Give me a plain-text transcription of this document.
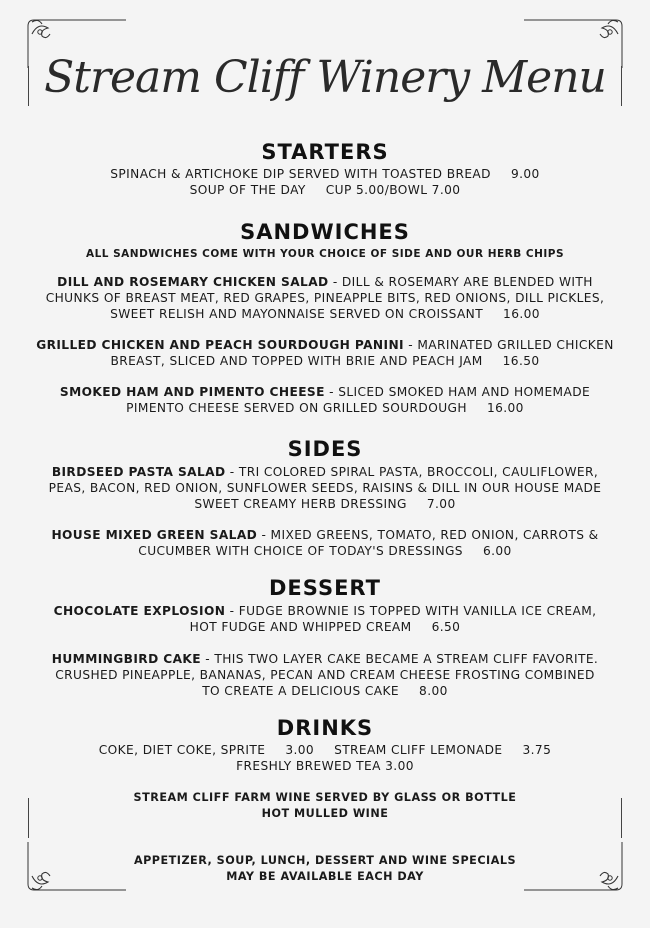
Stream Cliff Winery Menu
STARTERS
SPINACH & ARTICHOKE DIP SERVED WITH TOASTED BREAD 9.00
SOUP OF THE DAY CUP 5.00/BOWL 7.00
SANDWICHES
ALL SANDWICHES COME WITH YOUR CHOICE OF SIDE AND OUR HERB CHIPS
DILL AND ROSEMARY CHICKEN SALAD - DILL & ROSEMARY ARE BLENDED WITH
CHUNKS OF BREAST MEAT, RED GRAPES, PINEAPPLE BITS, RED ONIONS, DILL PICKLES,
SWEET RELISH AND MAYONNAISE SERVED ON CROISSANT 16.00
GRILLED CHICKEN AND PEACH SOURDOUGH PANINI - MARINATED GRILLED CHICKEN
BREAST, SLICED AND TOPPED WITH BRIE AND PEACH JAM 16.50
SMOKED HAM AND PIMENTO CHEESE - SLICED SMOKED HAM AND HOMEMADE
PIMENTO CHEESE SERVED ON GRILLED SOURDOUGH 16.00
SIDES
BIRDSEED PASTA SALAD - TRI COLORED SPIRAL PASTA, BROCCOLI, CAULIFLOWER,
PEAS, BACON, RED ONION, SUNFLOWER SEEDS, RAISINS & DILL IN OUR HOUSE MADE
SWEET CREAMY HERB DRESSING 7.00
HOUSE MIXED GREEN SALAD - MIXED GREENS, TOMATO, RED ONION, CARROTS &
CUCUMBER WITH CHOICE OF TODAY'S DRESSINGS 6.00
DESSERT
CHOCOLATE EXPLOSION - FUDGE BROWNIE IS TOPPED WITH VANILLA ICE CREAM,
HOT FUDGE AND WHIPPED CREAM 6.50
HUMMINGBIRD CAKE - THIS TWO LAYER CAKE BECAME A STREAM CLIFF FAVORITE.
CRUSHED PINEAPPLE, BANANAS, PECAN AND CREAM CHEESE FROSTING COMBINED
TO CREATE A DELICIOUS CAKE 8.00
DRINKS
COKE, DIET COKE, SPRITE 3.00 STREAM CLIFF LEMONADE 3.75
FRESHLY BREWED TEA 3.00
STREAM CLIFF FARM WINE SERVED BY GLASS OR BOTTLE
HOT MULLED WINE
APPETIZER, SOUP, LUNCH, DESSERT AND WINE SPECIALS
MAY BE AVAILABLE EACH DAY
